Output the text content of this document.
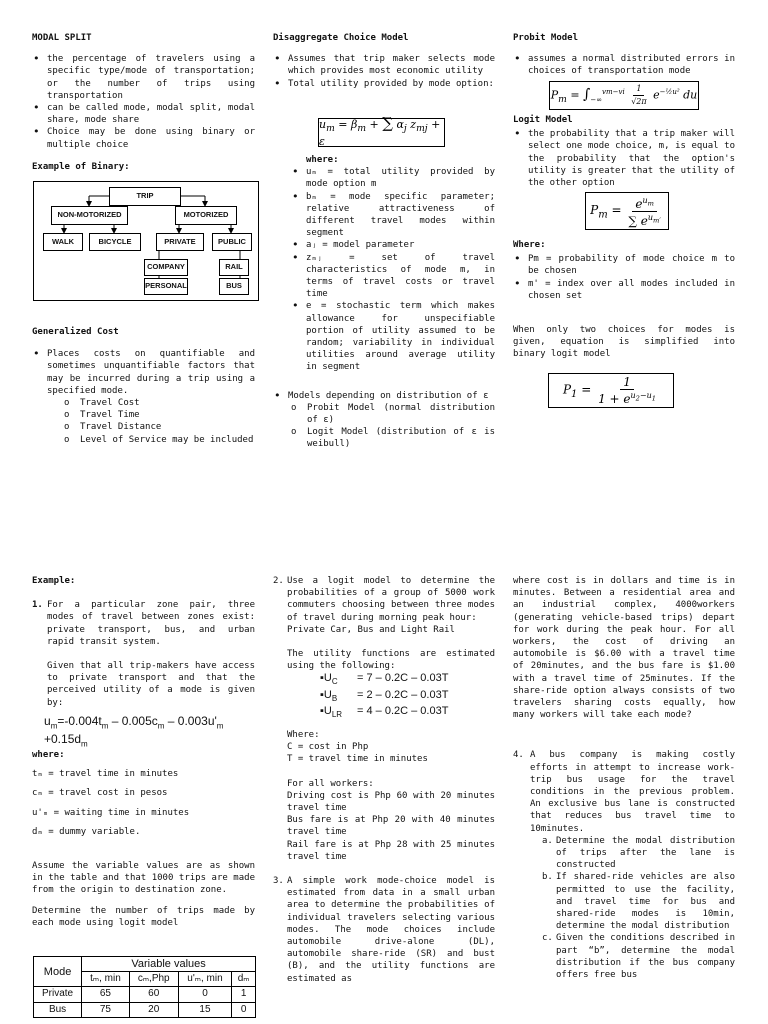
MODAL SPLIT

• the percentage of travelers using a specific type/mode of transportation; or the number of trips using transportation
• can be called mode, modal split, modal share, mode share
• Choice may be done using binary or multiple choice

Example of Binary:

TRIP
NON-MOTORIZED	MOTORIZED
WALK	BICYCLE	PRIVATE	PUBLIC
COMPANY
PERSONAL
RAIL
BUS

Generalized Cost

• Places costs on quantifiable and sometimes unquantifiable factors that may be incurred during a trip using a specified mode.
o Travel Cost
o Travel Time
o Travel Distance
o Level of Service may be included

Disaggregate Choice Model

• Assumes that trip maker selects mode which provides most economic utility
• Total utility provided by mode option:
$u_m = \beta_m$ + ∑ $\alpha_j$ $z_{mj} + \varepsilon$

where:

• uₘ = total utility provided by mode option m
• bₘ = mode specific parameter; relative attractiveness of different travel modes within segment
• aⱼ = model parameter
• zₘⱼ = set of travel characteristics of mode m, in terms of travel costs or travel time
• e = stochastic term which makes allowance for unspecifiable portion of utility assumed to be random; variability in individual utilities around average utility in segment
• Models depending on distribution of ε
o Probit Model (normal distribution of ε)
o Logit Model (distribution of ε is weibull)

Probit Model

• assumes a normal distributed errors in choices of transportation mode
$P_m = \int_{-\infty}^{vm-vi} \frac{1}{√2\pi} e^{-\frac{1}{2}u^2}$ du

Logit Model

• the probability that a trip maker will select one mode choice, m, is equal to the probability that the option's utility is greater that the utility of the other option
$P_m = \frac{e^{u_m}}{\sum e^{u_{m'}}}$

Where:

• Pm = probability of mode choice m to be chosen
• m' = index over all modes included in chosen set

When only two choices for modes is given, equation is simplified into binary logit model

$P_1 = \frac{1}{1 + e^{u_2-u_1}}$

Example:

1. For a particular zone pair, three modes of travel between zones exist: private transport, bus, and urban rapid transit system.

Given that all trip-makers have access to private transport and that the perceived utility of a mode is given by:

$u_m=-0.004t_m - 0.005c_m - 0.003u'_m +0.15d_m$

where:

tₘ = travel time in minutes

cₘ = travel cost in pesos

u'ₘ = waiting time in minutes

dₘ = dummy variable.

Assume the variable values are as shown in the table and that 1000 trips are made from the origin to destination zone.

Determine the number of trips made by each mode using logit model

Mode	Variable values			
	tₘ, min	cₘ,Php	u'ₘ, min	dₘ
Private	65	60	0	1
Bus	75	20	15	0
2. Use a logit model to determine the probabilities of a group of 5000 work commuters choosing between three modes of travel during morning peak hour:

Private Car, Bus and Light Rail

The utility functions are estimated using the following:

$▪U_C = 7 - 0.2C - 0.03T$
$▪U_B = 2 - 0.2C - 0.03T$
$▪U_{LR} = 4 - 0.2C - 0.03T$

Where:

C = cost in Php

T = travel time in minutes

For all workers:

Driving cost is Php 60 with 20 minutes travel time

Bus fare is at Php 20 with 40 minutes travel time

Rail fare is at Php 28 with 25 minutes travel time

3. A simple work mode-choice model is estimated from data in a small urban area to determine the probabilities of individual travelers selecting various modes. The mode choices include automobile drive-alone (DL), automobile share-ride (SR) and bust (B), and the utility functions are estimated as

where cost is in dollars and time is in minutes. Between a residential area and an industrial complex, 4000workers (generating vehicle-based trips) depart for work during the peak hour. For all workers, the cost of driving an automobile is $6.00 with a travel time of 20minutes, and the bus fare is $1.00 with a travel time of 25minutes. If the share-ride option always consists of two travelers sharing costs equally, how many workers will take each mode?

4. A bus company is making costly efforts in attempt to increase work-trip bus usage for the travel conditions in the previous problem. An exclusive bus lane is constructed that reduces bus travel time to 10minutes.

a. Determine the modal distribution of trips after the lane is constructed

b. If shared-ride vehicles are also permitted to use the facility, and travel time for bus and shared-ride modes is 10min, determine the modal distribution

c. Given the conditions described in part “b”, determine the modal distribution if the bus company offers free bus
